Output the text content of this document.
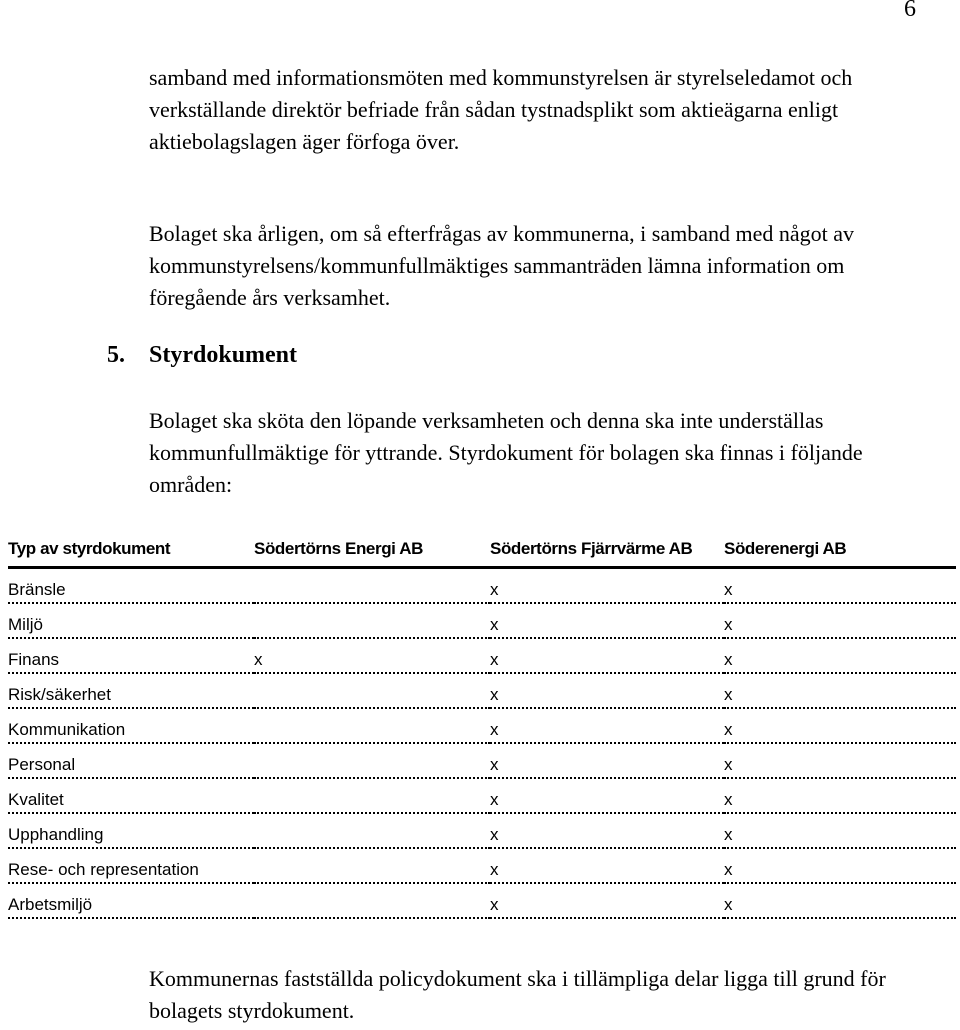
6

samband med informationsmöten med kommunstyrelsen är styrelseledamot och verkställande direktör befriade från sådan tystnadsplikt som aktieägarna enligt aktiebolagslagen äger förfoga över.

Bolaget ska årligen, om så efterfrågas av kommunerna, i samband med något av kommunstyrelsens/kommunfullmäktiges sammanträden lämna information om föregående års verksamhet.

5. Styrdokument

Bolaget ska sköta den löpande verksamheten och denna ska inte underställas kommunfullmäktige för yttrande. Styrdokument för bolagen ska finnas i följande områden:

Typ av styrdokument	Södertörns Energi AB	Södertörns Fjärrvärme AB	Söderenergi AB
Bränsle		x	x
Miljö		x	x
Finans	x	x	x
Risk/säkerhet		x	x
Kommunikation		x	x
Personal		x	x
Kvalitet		x	x
Upphandling		x	x
Rese- och representation		x	x
Arbetsmiljö		x	x

Kommunernas fastställda policydokument ska i tillämpliga delar ligga till grund för bolagets styrdokument.
